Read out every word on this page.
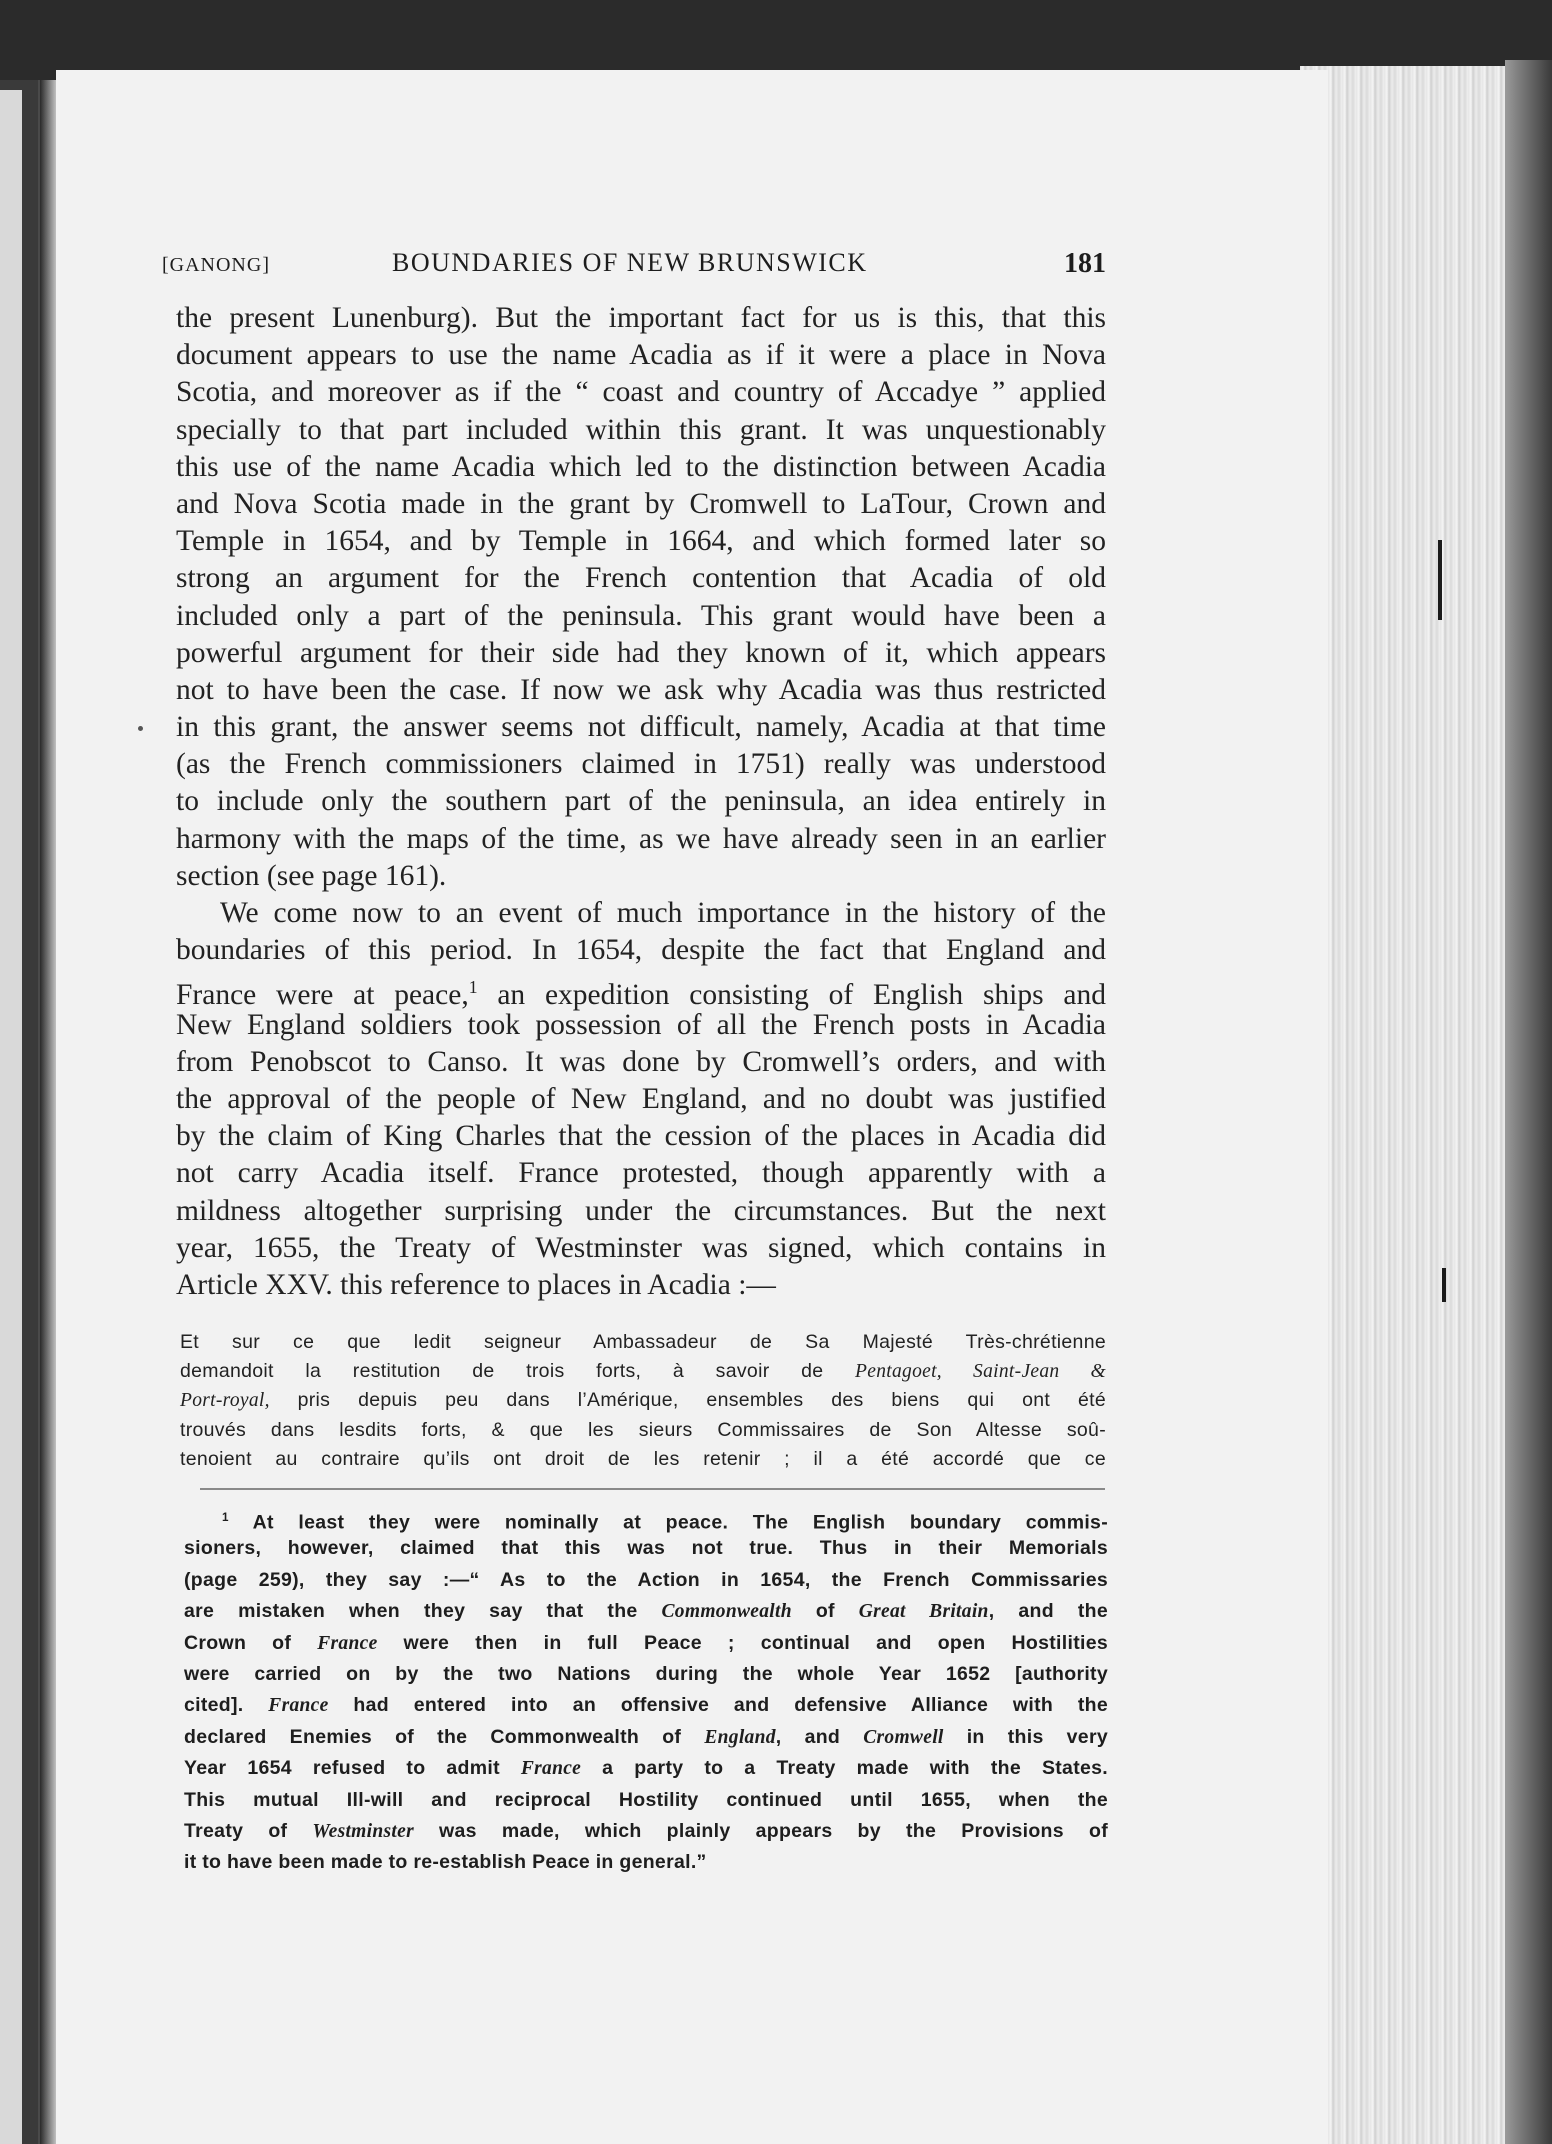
[GANONG]	BOUNDARIES OF NEW BRUNSWICK	181
the present Lunenburg). But the important fact for us is this, that this
document appears to use the name Acadia as if it were a place in Nova
Scotia, and moreover as if the “ coast and country of Accadye ” applied
specially to that part included within this grant. It was unquestionably
this use of the name Acadia which led to the distinction between Acadia
and Nova Scotia made in the grant by Cromwell to LaTour, Crown and
Temple in 1654, and by Temple in 1664, and which formed later so
strong an argument for the French contention that Acadia of old
included only a part of the peninsula. This grant would have been a
powerful argument for their side had they known of it, which appears
not to have been the case. If now we ask why Acadia was thus restricted
in this grant, the answer seems not difficult, namely, Acadia at that time
(as the French commissioners claimed in 1751) really was understood
to include only the southern part of the peninsula, an idea entirely in
harmony with the maps of the time, as we have already seen in an earlier
section (see page 161).
We come now to an event of much importance in the history of the
boundaries of this period. In 1654, despite the fact that England and
France were at peace,$^1$ an expedition consisting of English ships and
New England soldiers took possession of all the French posts in Acadia
from Penobscot to Canso. It was done by Cromwell’s orders, and with
the approval of the people of New England, and no doubt was justified
by the claim of King Charles that the cession of the places in Acadia did
not carry Acadia itself. France protested, though apparently with a
mildness altogether surprising under the circumstances. But the next
year, 1655, the Treaty of Westminster was signed, which contains in
Article XXV. this reference to places in Acadia :—
Et sur ce que ledit seigneur Ambassadeur de Sa Majesté Très-chrétienne
demandoit la restitution de trois forts, à savoir de Pentagoet, Saint-Jean &
Port-royal, pris depuis peu dans l’Amérique, ensembles des biens qui ont été
trouvés dans lesdits forts, & que les sieurs Commissaires de Son Altesse soû-
tenoient au contraire qu’ils ont droit de les retenir ; il a été accordé que ce
$^1$ At least they were nominally at peace. The English boundary commis-
sioners, however, claimed that this was not true. Thus in their Memorials
(page 259), they say :—“ As to the Action in 1654, the French Commissaries
are mistaken when they say that the Commonwealth of Great Britain, and the
Crown of France were then in full Peace ; continual and open Hostilities
were carried on by the two Nations during the whole Year 1652 [authority
cited]. France had entered into an offensive and defensive Alliance with the
declared Enemies of the Commonwealth of England, and Cromwell in this very
Year 1654 refused to admit France a party to a Treaty made with the States.
This mutual Ill-will and reciprocal Hostility continued until 1655, when the
Treaty of Westminster was made, which plainly appears by the Provisions of
it to have been made to re-establish Peace in general.”
